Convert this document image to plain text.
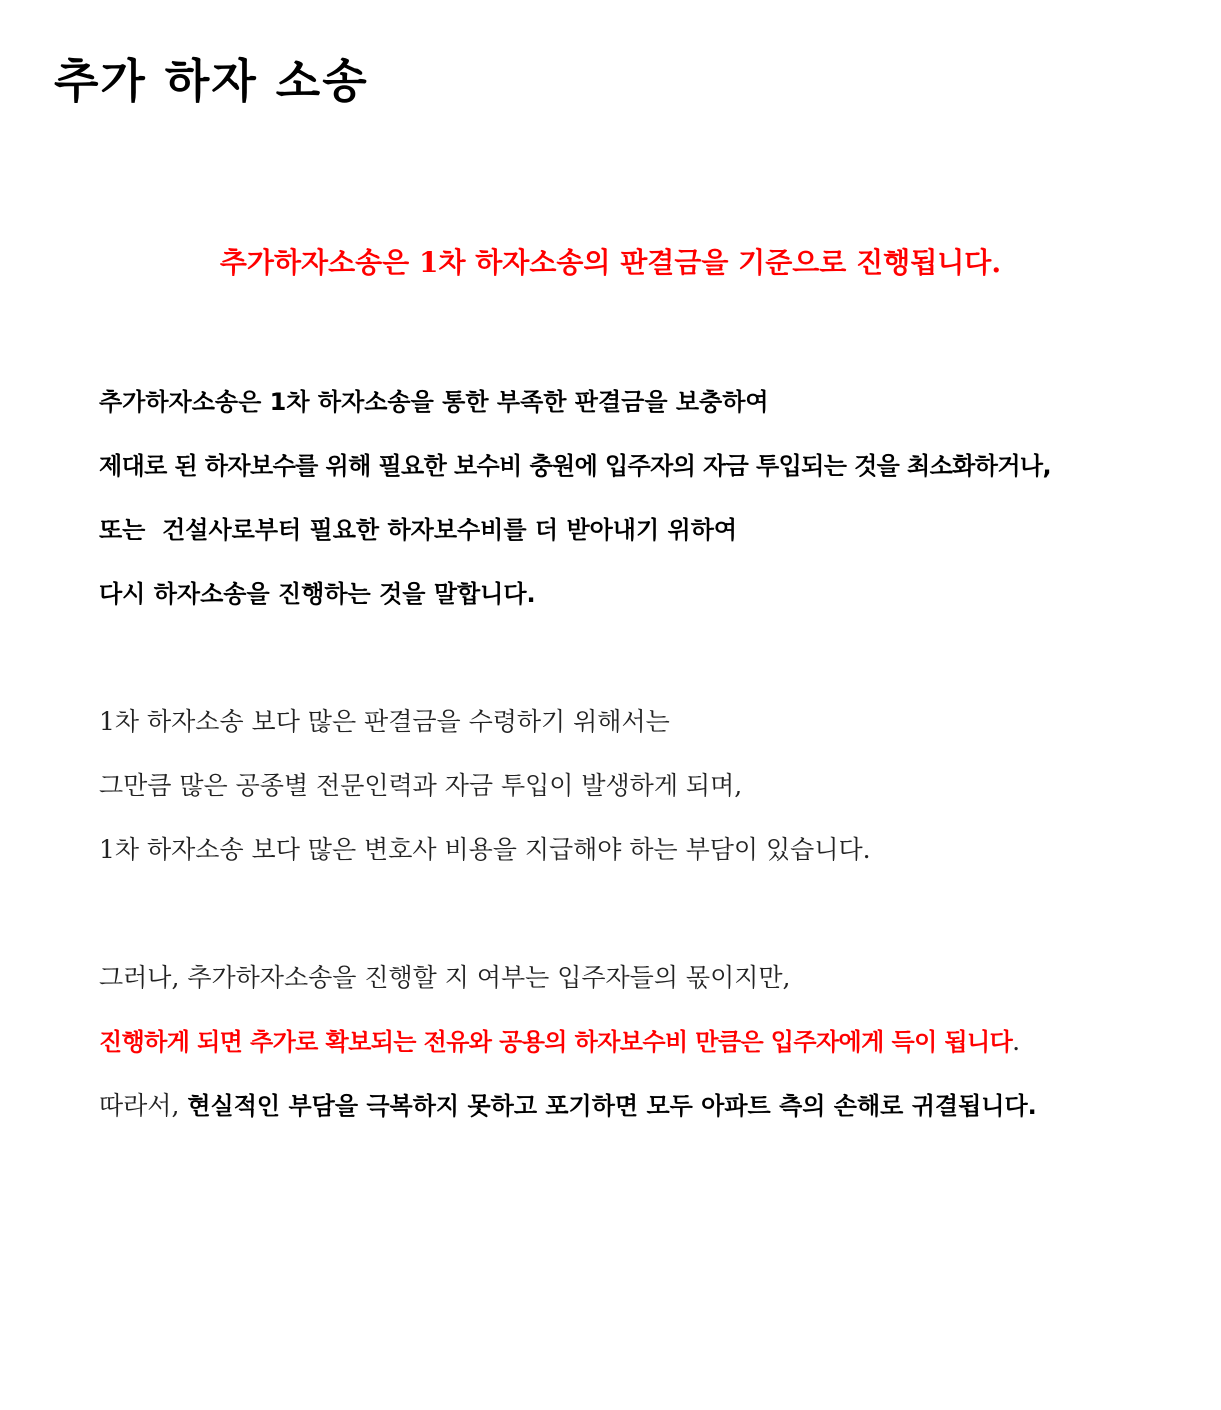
추가 하자 소송
추가하자소송은 1차 하자소송의 판결금을 기준으로 진행됩니다.
추가하자소송은 1차 하자소송을 통한 부족한 판결금을 보충하여
제대로 된 하자보수를 위해 필요한 보수비 충원에 입주자의 자금 투입되는 것을 최소화하거나,
또는  건설사로부터 필요한 하자보수비를 더 받아내기 위하여
다시 하자소송을 진행하는 것을 말합니다.
1차 하자소송 보다 많은 판결금을 수령하기 위해서는
그만큼 많은 공종별 전문인력과 자금 투입이 발생하게 되며,
1차 하자소송 보다 많은 변호사 비용을 지급해야 하는 부담이 있습니다.
그러나, 추가하자소송을 진행할 지 여부는 입주자들의 몫이지만,
진행하게 되면 추가로 확보되는 전유와 공용의 하자보수비 만큼은 입주자에게 득이 됩니다.
따라서, 현실적인 부담을 극복하지 못하고 포기하면 모두 아파트 측의 손해로 귀결됩니다.
